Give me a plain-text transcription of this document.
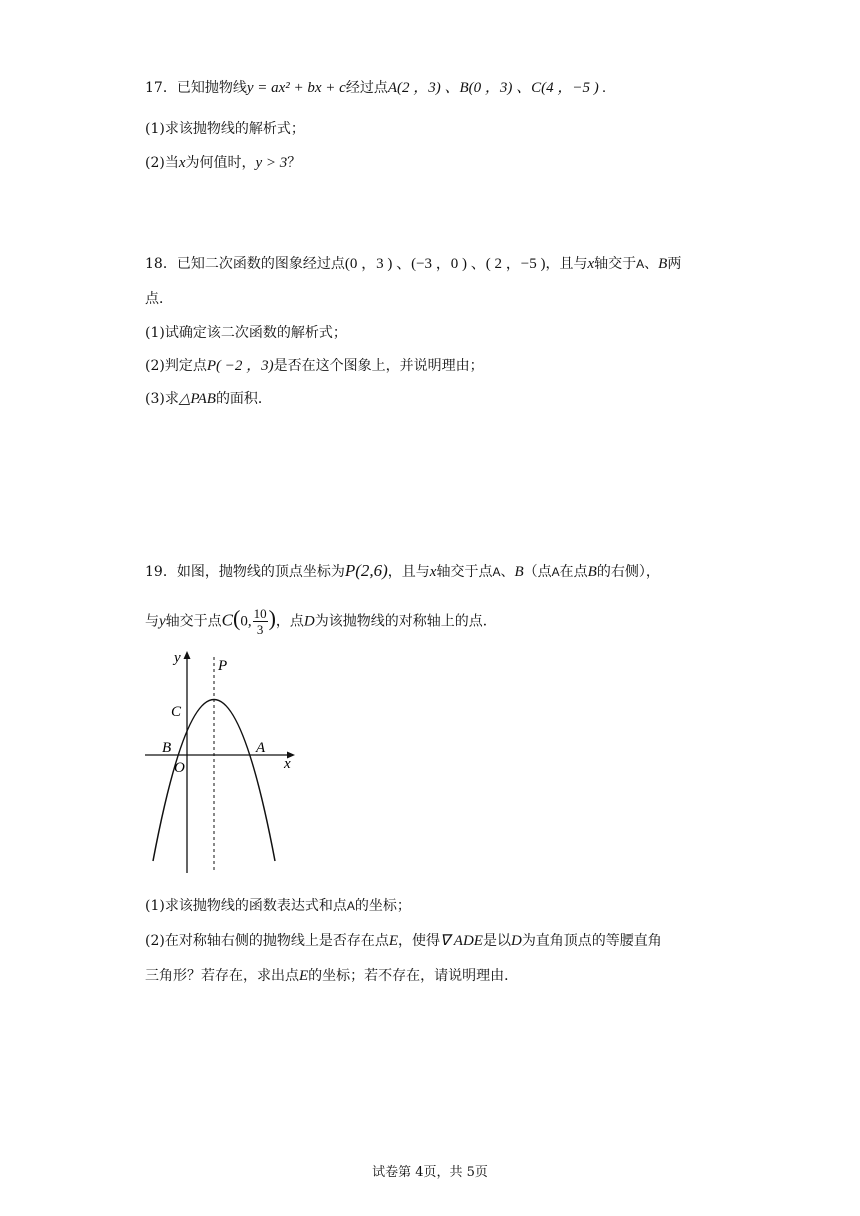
17．已知抛物线y = ax² + bx + c经过点A(2 ，3) 、B(0 ，3) 、C(4 ，−5 ) .
(1)求该抛物线的解析式；
(2)当x为何值时，y > 3？
18．已知二次函数的图象经过点(0 ，3 ) 、(−3 ，0 ) 、( 2 ，−5 )，且与x轴交于A、B两
点．
(1)试确定该二次函数的解析式；
(2)判定点P( −2 ，3)是否在这个图象上，并说明理由；
(3)求△PAB的面积．
19．如图，抛物线的顶点坐标为P(2,6)，且与x轴交于点A、B（点A在点B的右侧），
与y轴交于点C(0, $\frac{10}{3}$ )，点D为该抛物线的对称轴上的点．
y
x
P
C
B
O
A
(1)求该抛物线的函数表达式和点A的坐标；
(2)在对称轴右侧的抛物线上是否存在点E，使得∇ ADE是以D为直角顶点的等腰直角
三角形？若存在，求出点E的坐标；若不存在，请说明理由．
试卷第 4页，共 5页
